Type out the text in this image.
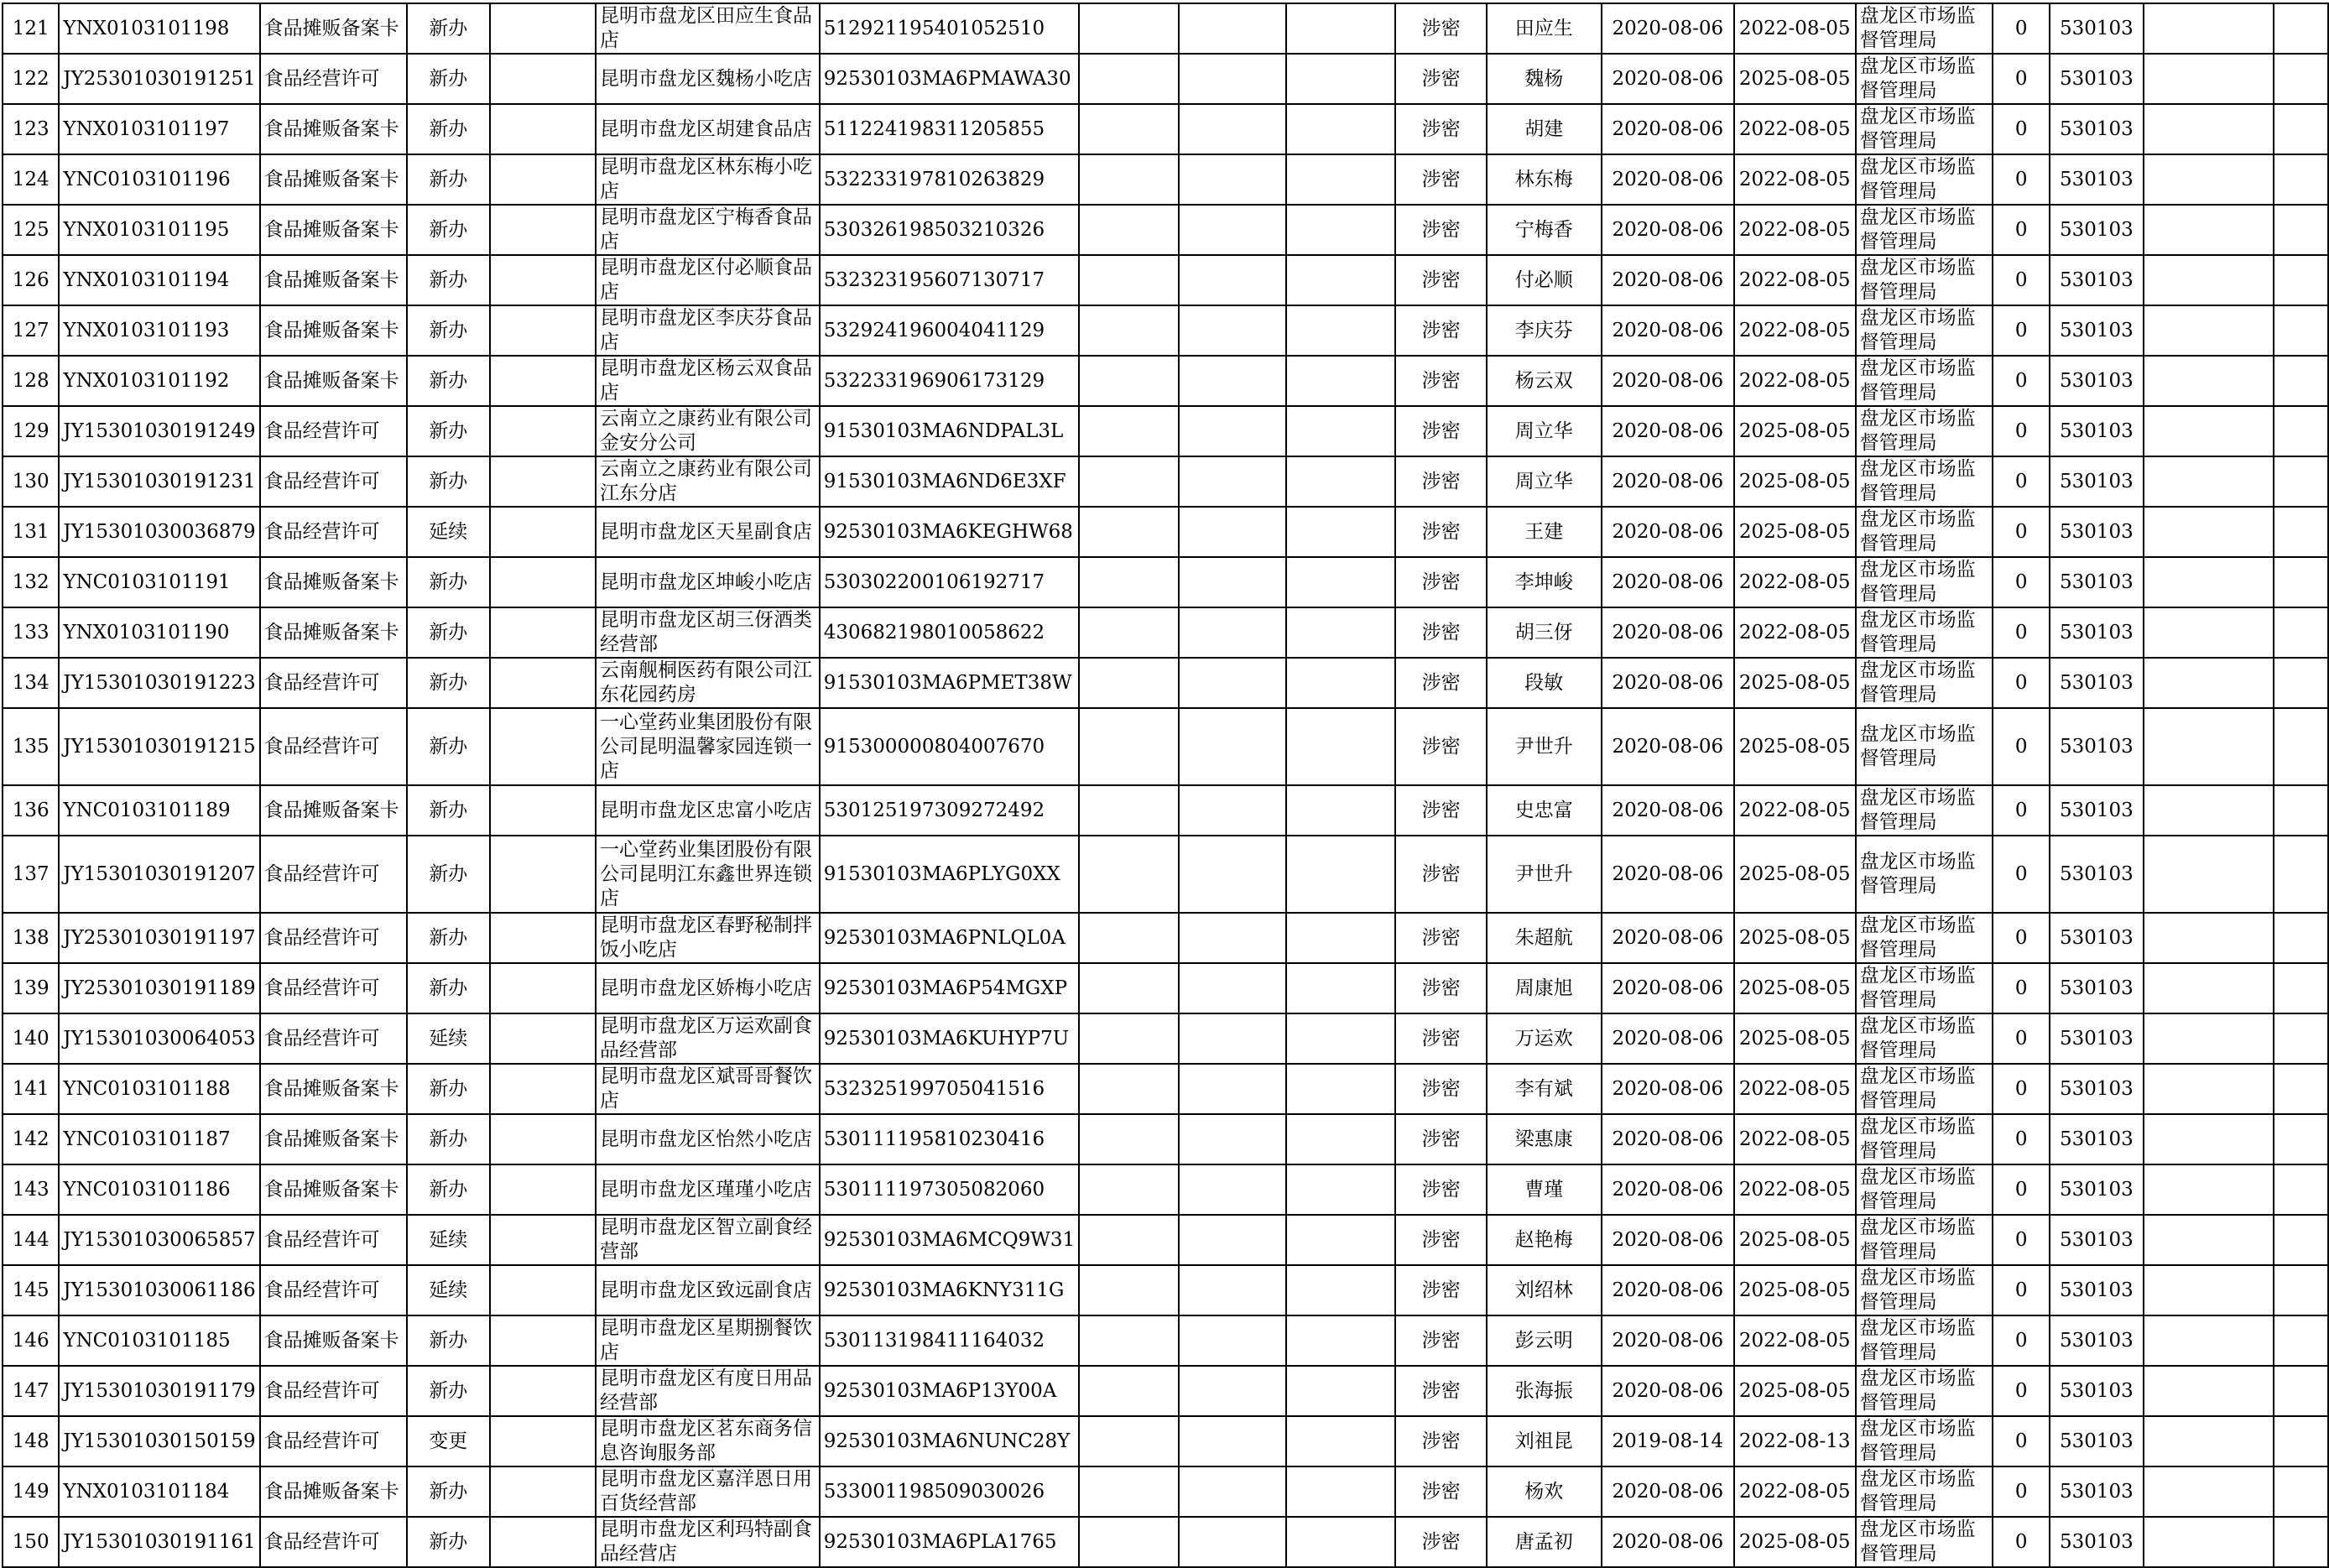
121	YNX0103101198	食品摊贩备案卡	新办		昆明市盘龙区田应生食品店	512921195401052510				涉密	田应生	2020-08-06	2022-08-05	盘龙区市场监督管理局	0	530103		
122	JY25301030191251	食品经营许可	新办		昆明市盘龙区魏杨小吃店	92530103MA6PMAWA30				涉密	魏杨	2020-08-06	2025-08-05	盘龙区市场监督管理局	0	530103		
123	YNX0103101197	食品摊贩备案卡	新办		昆明市盘龙区胡建食品店	511224198311205855				涉密	胡建	2020-08-06	2022-08-05	盘龙区市场监督管理局	0	530103		
124	YNC0103101196	食品摊贩备案卡	新办		昆明市盘龙区林东梅小吃店	532233197810263829				涉密	林东梅	2020-08-06	2022-08-05	盘龙区市场监督管理局	0	530103		
125	YNX0103101195	食品摊贩备案卡	新办		昆明市盘龙区宁梅香食品店	530326198503210326				涉密	宁梅香	2020-08-06	2022-08-05	盘龙区市场监督管理局	0	530103		
126	YNX0103101194	食品摊贩备案卡	新办		昆明市盘龙区付必顺食品店	532323195607130717				涉密	付必顺	2020-08-06	2022-08-05	盘龙区市场监督管理局	0	530103		
127	YNX0103101193	食品摊贩备案卡	新办		昆明市盘龙区李庆芬食品店	532924196004041129				涉密	李庆芬	2020-08-06	2022-08-05	盘龙区市场监督管理局	0	530103		
128	YNX0103101192	食品摊贩备案卡	新办		昆明市盘龙区杨云双食品店	532233196906173129				涉密	杨云双	2020-08-06	2022-08-05	盘龙区市场监督管理局	0	530103		
129	JY15301030191249	食品经营许可	新办		云南立之康药业有限公司金安分公司	91530103MA6NDPAL3L				涉密	周立华	2020-08-06	2025-08-05	盘龙区市场监督管理局	0	530103		
130	JY15301030191231	食品经营许可	新办		云南立之康药业有限公司江东分店	91530103MA6ND6E3XF				涉密	周立华	2020-08-06	2025-08-05	盘龙区市场监督管理局	0	530103		
131	JY15301030036879	食品经营许可	延续		昆明市盘龙区天星副食店	92530103MA6KEGHW68				涉密	王建	2020-08-06	2025-08-05	盘龙区市场监督管理局	0	530103		
132	YNC0103101191	食品摊贩备案卡	新办		昆明市盘龙区坤峻小吃店	530302200106192717				涉密	李坤峻	2020-08-06	2022-08-05	盘龙区市场监督管理局	0	530103		
133	YNX0103101190	食品摊贩备案卡	新办		昆明市盘龙区胡三伢酒类经营部	430682198010058622				涉密	胡三伢	2020-08-06	2022-08-05	盘龙区市场监督管理局	0	530103		
134	JY15301030191223	食品经营许可	新办		云南舰桐医药有限公司江东花园药房	91530103MA6PMET38W				涉密	段敏	2020-08-06	2025-08-05	盘龙区市场监督管理局	0	530103		
135	JY15301030191215	食品经营许可	新办		一心堂药业集团股份有限公司昆明温馨家园连锁一店	915300000804007670				涉密	尹世升	2020-08-06	2025-08-05	盘龙区市场监督管理局	0	530103		
136	YNC0103101189	食品摊贩备案卡	新办		昆明市盘龙区忠富小吃店	530125197309272492				涉密	史忠富	2020-08-06	2022-08-05	盘龙区市场监督管理局	0	530103		
137	JY15301030191207	食品经营许可	新办		一心堂药业集团股份有限公司昆明江东鑫世界连锁店	91530103MA6PLYG0XX				涉密	尹世升	2020-08-06	2025-08-05	盘龙区市场监督管理局	0	530103		
138	JY25301030191197	食品经营许可	新办		昆明市盘龙区春野秘制拌饭小吃店	92530103MA6PNLQL0A				涉密	朱超航	2020-08-06	2025-08-05	盘龙区市场监督管理局	0	530103		
139	JY25301030191189	食品经营许可	新办		昆明市盘龙区娇梅小吃店	92530103MA6P54MGXP				涉密	周康旭	2020-08-06	2025-08-05	盘龙区市场监督管理局	0	530103		
140	JY15301030064053	食品经营许可	延续		昆明市盘龙区万运欢副食品经营部	92530103MA6KUHYP7U				涉密	万运欢	2020-08-06	2025-08-05	盘龙区市场监督管理局	0	530103		
141	YNC0103101188	食品摊贩备案卡	新办		昆明市盘龙区斌哥哥餐饮店	532325199705041516				涉密	李有斌	2020-08-06	2022-08-05	盘龙区市场监督管理局	0	530103		
142	YNC0103101187	食品摊贩备案卡	新办		昆明市盘龙区怡然小吃店	530111195810230416				涉密	梁惠康	2020-08-06	2022-08-05	盘龙区市场监督管理局	0	530103		
143	YNC0103101186	食品摊贩备案卡	新办		昆明市盘龙区瑾瑾小吃店	530111197305082060				涉密	曹瑾	2020-08-06	2022-08-05	盘龙区市场监督管理局	0	530103		
144	JY15301030065857	食品经营许可	延续		昆明市盘龙区智立副食经营部	92530103MA6MCQ9W31				涉密	赵艳梅	2020-08-06	2025-08-05	盘龙区市场监督管理局	0	530103		
145	JY15301030061186	食品经营许可	延续		昆明市盘龙区致远副食店	92530103MA6KNY311G				涉密	刘绍林	2020-08-06	2025-08-05	盘龙区市场监督管理局	0	530103		
146	YNC0103101185	食品摊贩备案卡	新办		昆明市盘龙区星期捌餐饮店	530113198411164032				涉密	彭云明	2020-08-06	2022-08-05	盘龙区市场监督管理局	0	530103		
147	JY15301030191179	食品经营许可	新办		昆明市盘龙区有度日用品经营部	92530103MA6P13Y00A				涉密	张海振	2020-08-06	2025-08-05	盘龙区市场监督管理局	0	530103		
148	JY15301030150159	食品经营许可	变更		昆明市盘龙区茗东商务信息咨询服务部	92530103MA6NUNC28Y				涉密	刘祖昆	2019-08-14	2022-08-13	盘龙区市场监督管理局	0	530103		
149	YNX0103101184	食品摊贩备案卡	新办		昆明市盘龙区嘉洋恩日用百货经营部	533001198509030026				涉密	杨欢	2020-08-06	2022-08-05	盘龙区市场监督管理局	0	530103		
150	JY15301030191161	食品经营许可	新办		昆明市盘龙区利玛特副食品经营店	92530103MA6PLA1765				涉密	唐孟初	2020-08-06	2025-08-05	盘龙区市场监督管理局	0	530103		
